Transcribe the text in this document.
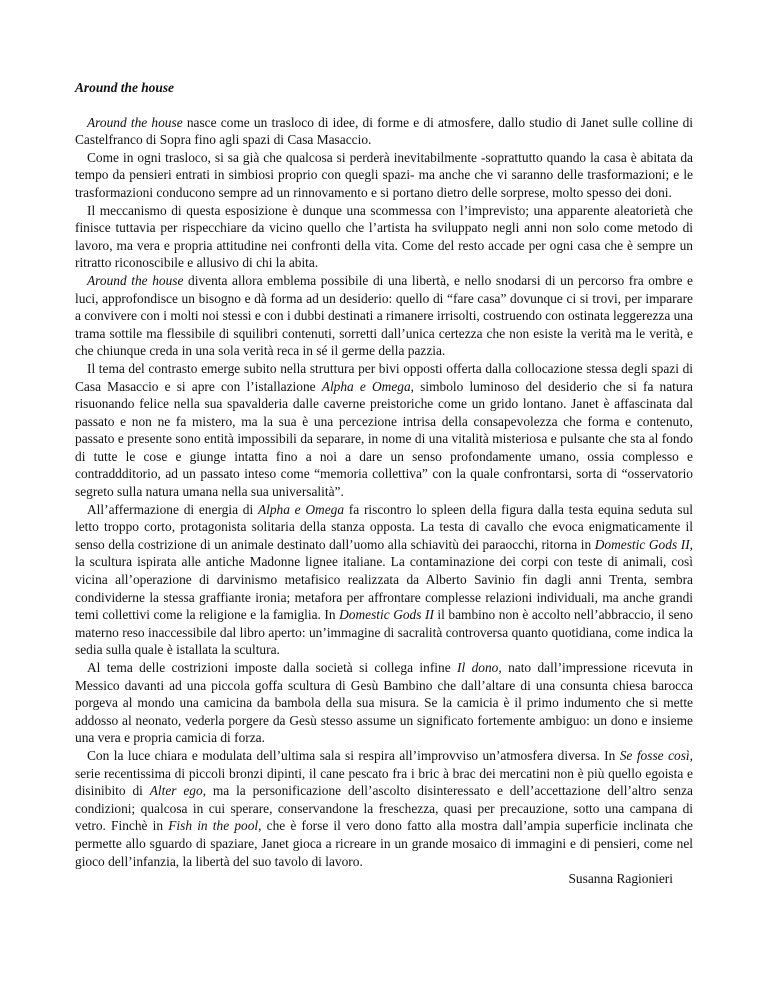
Around the house

Around the house nasce come un trasloco di idee, di forme e di atmosfere, dallo studio di Janet sulle colline di Castelfranco di Sopra fino agli spazi di Casa Masaccio.

Come in ogni trasloco, si sa già che qualcosa si perderà inevitabilmente -soprattutto quando la casa è abitata da tempo da pensieri entrati in simbiosi proprio con quegli spazi- ma anche che vi saranno delle trasformazioni; e le trasformazioni conducono sempre ad un rinnovamento e si portano dietro delle sorprese, molto spesso dei doni.

Il meccanismo di questa esposizione è dunque una scommessa con l’imprevisto; una apparente aleatorietà che finisce tuttavia per rispecchiare da vicino quello che l’artista ha sviluppato negli anni non solo come metodo di lavoro, ma vera e propria attitudine nei confronti della vita. Come del resto accade per ogni casa che è sempre un ritratto riconoscibile e allusivo di chi la abita.

Around the house diventa allora emblema possibile di una libertà, e nello snodarsi di un percorso fra ombre e luci, approfondisce un bisogno e dà forma ad un desiderio: quello di “fare casa” dovunque ci si trovi, per imparare a convivere con i molti noi stessi e con i dubbi destinati a rimanere irrisolti, costruendo con ostinata leggerezza una trama sottile ma flessibile di squilibri contenuti, sorretti dall’unica certezza che non esiste la verità ma le verità, e che chiunque creda in una sola verità reca in sé il germe della pazzia.

Il tema del contrasto emerge subito nella struttura per bivi opposti offerta dalla collocazione stessa degli spazi di Casa Masaccio e si apre con l’istallazione Alpha e Omega, simbolo luminoso del desiderio che si fa natura risuonando felice nella sua spavalderia dalle caverne preistoriche come un grido lontano. Janet è affascinata dal passato e non ne fa mistero, ma la sua è una percezione intrisa della consapevolezza che forma e contenuto, passato e presente sono entità impossibili da separare, in nome di una vitalità misteriosa e pulsante che sta al fondo di tutte le cose e giunge intatta fino a noi a dare un senso profondamente umano, ossia complesso e contraddditorio, ad un passato inteso come “memoria collettiva” con la quale confrontarsi, sorta di “osservatorio segreto sulla natura umana nella sua universalità”.

All’affermazione di energia di Alpha e Omega fa riscontro lo spleen della figura dalla testa equina seduta sul letto troppo corto, protagonista solitaria della stanza opposta. La testa di cavallo che evoca enigmaticamente il senso della costrizione di un animale destinato dall’uomo alla schiavitù dei paraocchi, ritorna in Domestic Gods II, la scultura ispirata alle antiche Madonne lignee italiane. La contaminazione dei corpi con teste di animali, così vicina all’operazione di darvinismo metafisico realizzata da Alberto Savinio fin dagli anni Trenta, sembra condividerne la stessa graffiante ironia; metafora per affrontare complesse relazioni individuali, ma anche grandi temi collettivi come la religione e la famiglia. In Domestic Gods II il bambino non è accolto nell’abbraccio, il seno materno reso inaccessibile dal libro aperto: un’immagine di sacralità controversa quanto quotidiana, come indica la sedia sulla quale è istallata la scultura.

Al tema delle costrizioni imposte dalla società si collega infine Il dono, nato dall’impressione ricevuta in Messico davanti ad una piccola goffa scultura di Gesù Bambino che dall’altare di una consunta chiesa barocca porgeva al mondo una camicina da bambola della sua misura. Se la camicia è il primo indumento che si mette addosso al neonato, vederla porgere da Gesù stesso assume un significato fortemente ambiguo: un dono e insieme una vera e propria camicia di forza.

Con la luce chiara e modulata dell’ultima sala si respira all’improvviso un’atmosfera diversa. In Se fosse così, serie recentissima di piccoli bronzi dipinti, il cane pescato fra i bric à brac dei mercatini non è più quello egoista e disinibito di Alter ego, ma la personificazione dell’ascolto disinteressato e dell’accettazione dell’altro senza condizioni; qualcosa in cui sperare, conservandone la freschezza, quasi per precauzione, sotto una campana di vetro. Finchè in Fish in the pool, che è forse il vero dono fatto alla mostra dall’ampia superficie inclinata che permette allo sguardo di spaziare, Janet gioca a ricreare in un grande mosaico di immagini e di pensieri, come nel gioco dell’infanzia, la libertà del suo tavolo di lavoro.

Susanna Ragionieri
